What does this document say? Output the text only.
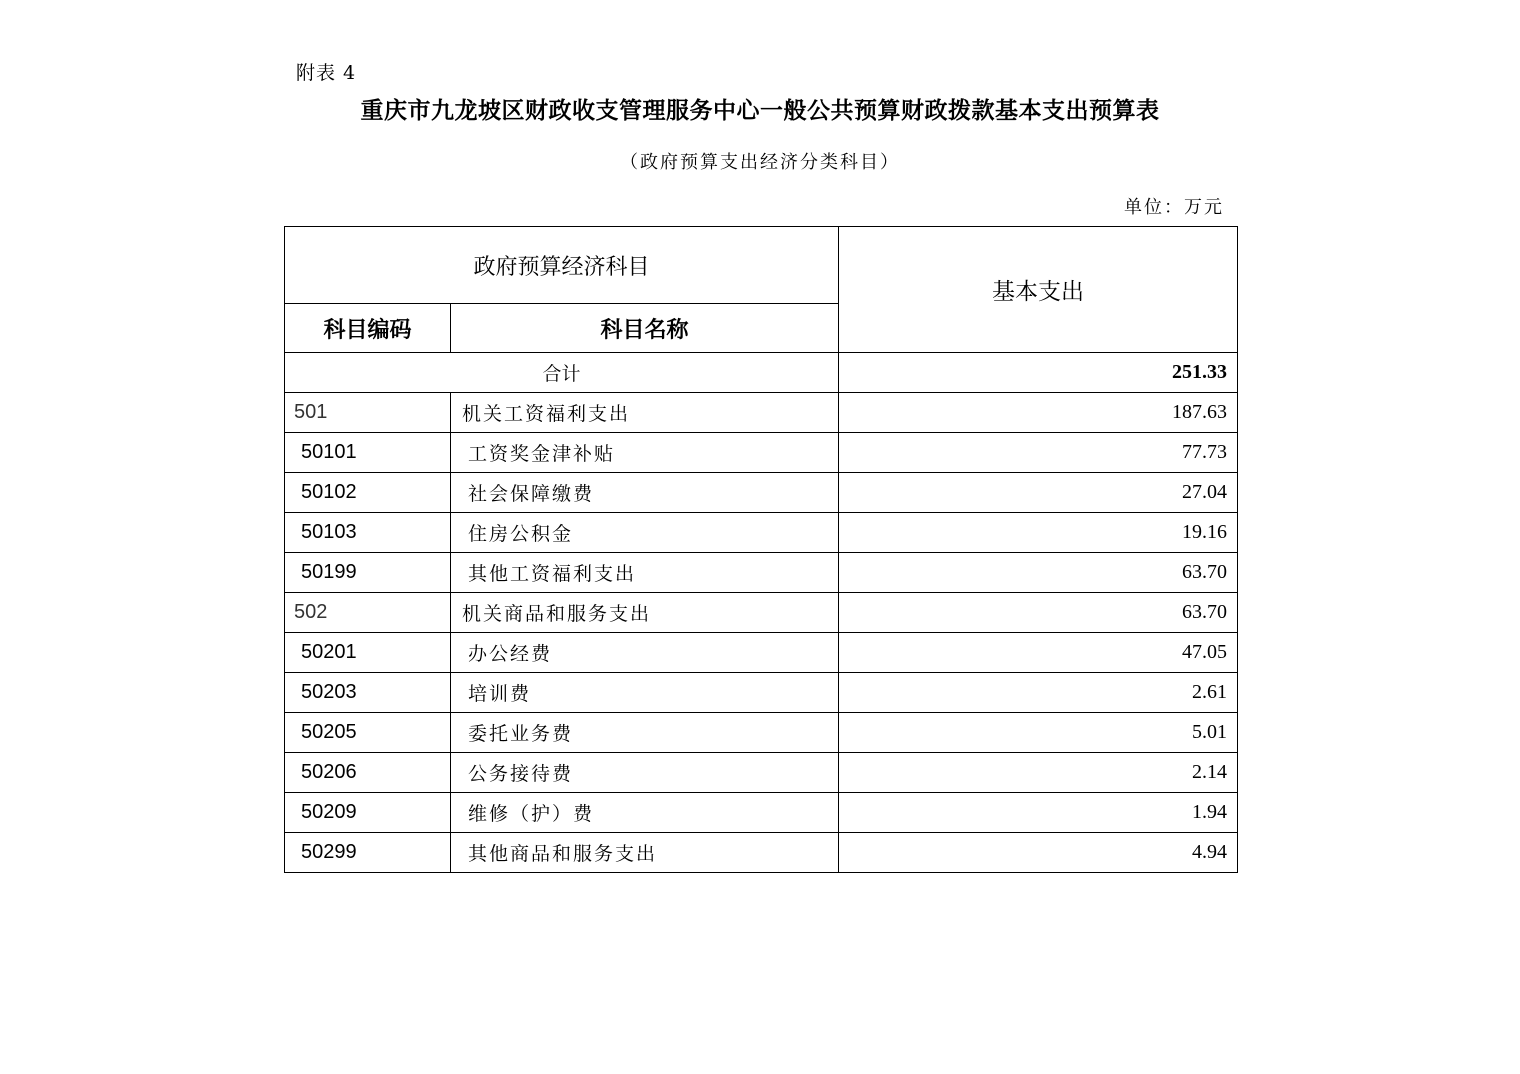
附表 4
重庆市九龙坡区财政收支管理服务中心一般公共预算财政拨款基本支出预算表
（政府预算支出经济分类科目）
单位：万元
政府预算经济科目		基本支出
科目编码	科目名称	
合计		251.33
501	机关工资福利支出	187.63
50101	工资奖金津补贴	77.73
50102	社会保障缴费	27.04
50103	住房公积金	19.16
50199	其他工资福利支出	63.70
502	机关商品和服务支出	63.70
50201	办公经费	47.05
50203	培训费	2.61
50205	委托业务费	5.01
50206	公务接待费	2.14
50209	维修（护）费	1.94
50299	其他商品和服务支出	4.94
